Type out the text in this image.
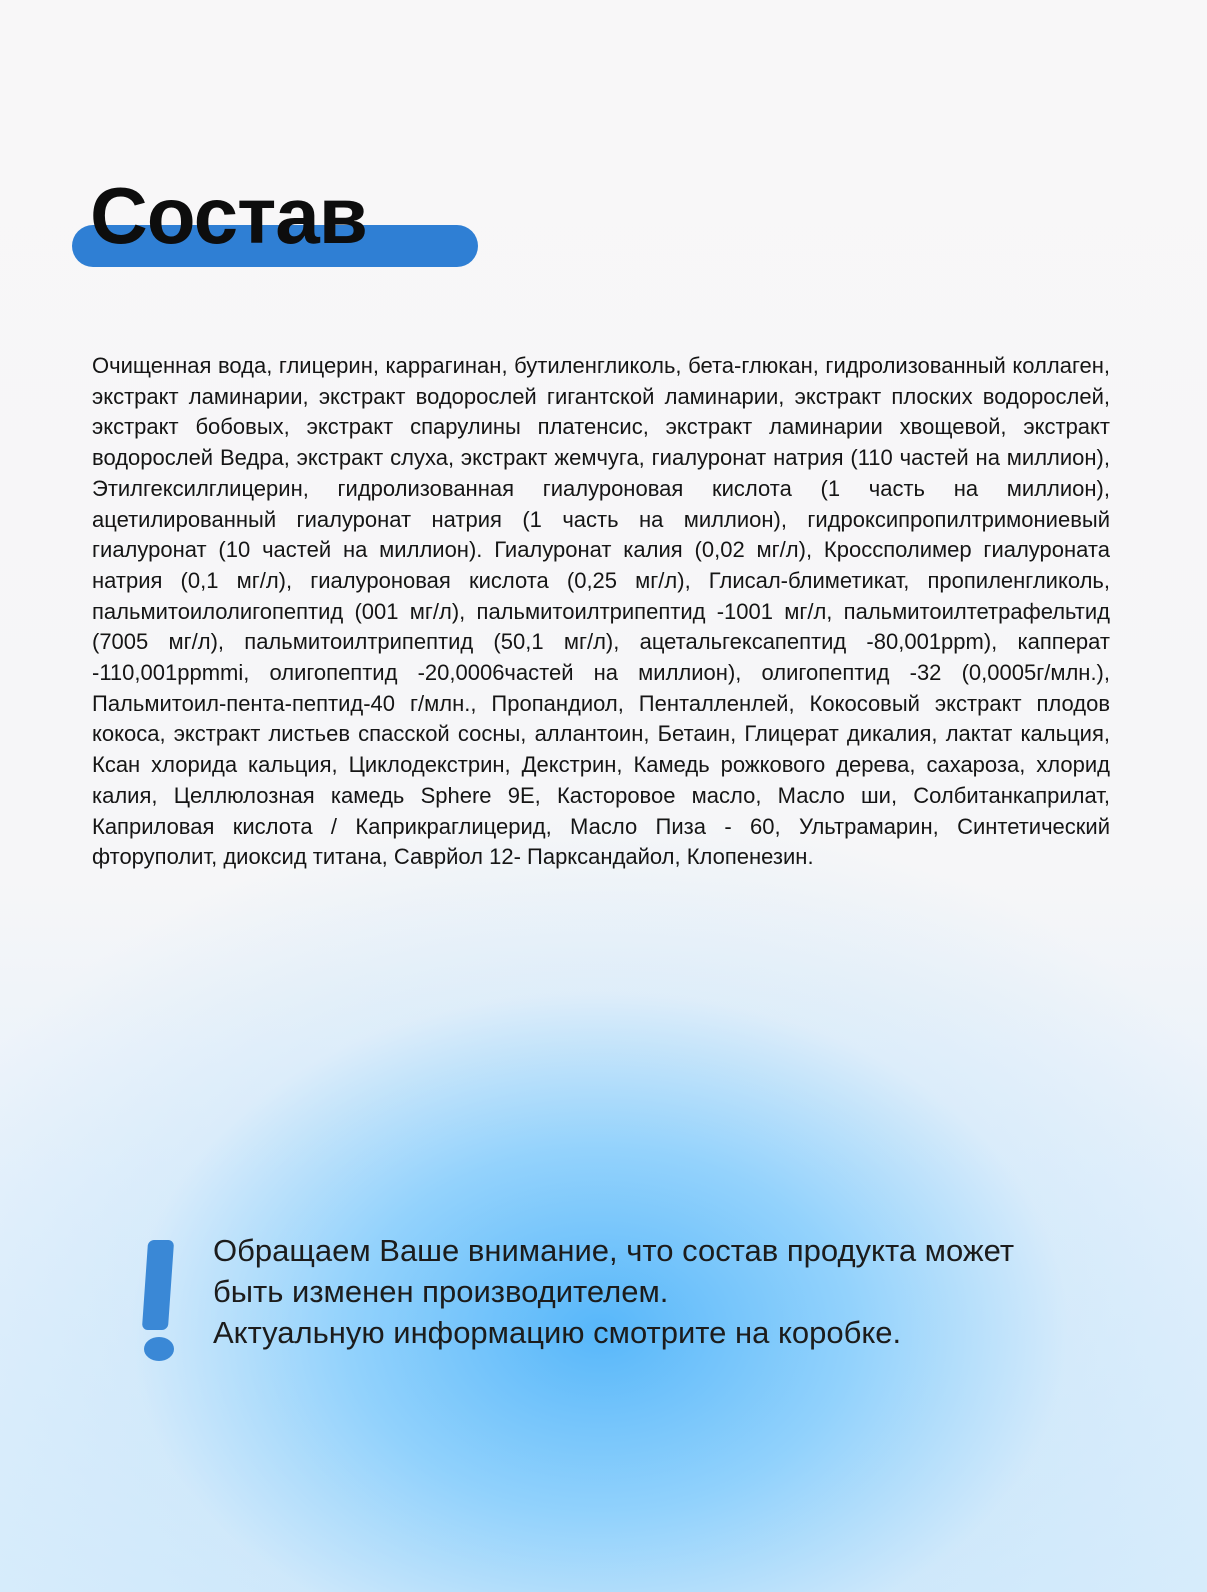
Состав

Очищенная вода, глицерин, каррагинан, бутиленгликоль, бета-глюкан, гидролизованный коллаген, экстракт ламинарии, экстракт водорослей гигантской ламинарии, экстракт плоских водорослей, экстракт бобовых, экстракт спарулины платенсис, экстракт ламинарии хвощевой, экстракт водорослей Ведра, экстракт слуха, экстракт жемчуга, гиалуронат натрия (110 частей на миллион), Этилгексилглицерин, гидролизованная гиалуроновая кислота (1 часть на миллион), ацетилированный гиалуронат натрия (1 часть на миллион), гидроксипропилтримониевый гиалуронат (10 частей на миллион). Гиалуронат калия (0,02 мг/л), Кроссполимер гиалуроната натрия (0,1 мг/л), гиалуроновая кислота (0,25 мг/л), Глисал-блиметикат, пропиленгликоль, пальмитоилолигопептид (001 мг/л), пальмитоилтрипептид -1001 мг/л, пальмитоилтетрафельтид (7005 мг/л), пальмитоилтрипептид (50,1 мг/л), ацетальгексапептид -80,001ppm), капперат -110,001ppmmi, олигопептид -20,0006частей на миллион), олигопептид -32 (0,0005г/млн.), Пальмитоил-пента-пептид-40 г/млн., Пропандиол, Пенталленлей, Кокосовый экстракт плодов кокоса, экстракт листьев спасской сосны, аллантоин, Бетаин, Глицерат дикалия, лактат кальция, Ксан хлорида кальция, Циклодекстрин, Декстрин, Камедь рожкового дерева, сахароза, хлорид калия, Целлюлозная камедь Sphere 9E, Касторовое масло, Масло ши, Солбитанкаприлат, Каприловая кислота / Каприкраглицерид, Масло Пиза - 60, Ультрамарин, Синтетический фторуполит, диоксид титана, Саврйол 12- Парксандайол, Клопенезин.

Обращаем Ваше внимание, что состав продукта может
быть изменен производителем.
Актуальную информацию смотрите на коробке.
